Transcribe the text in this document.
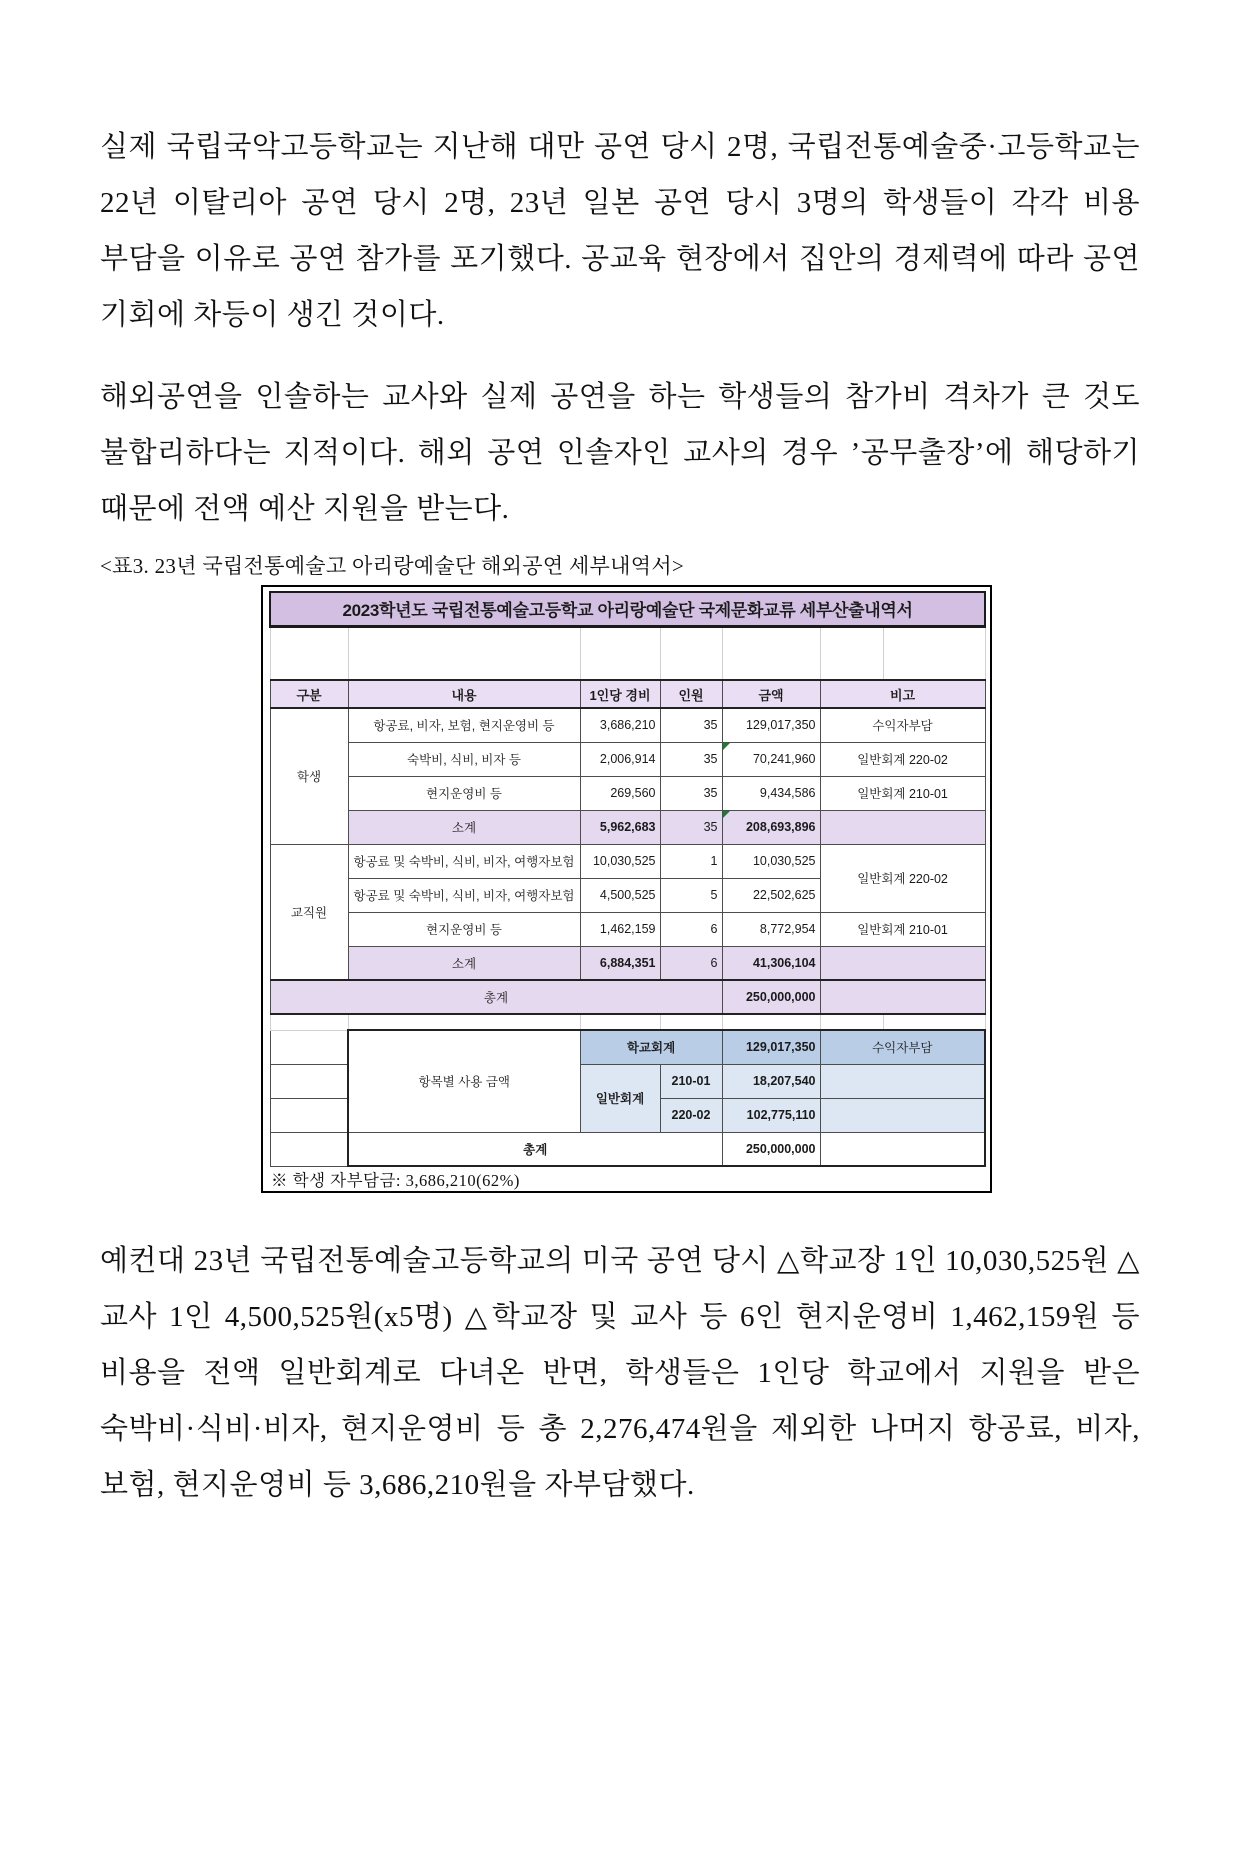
실제 국립국악고등학교는 지난해 대만 공연 당시 2명, 국립전통예술중·고등학교는 22년 이탈리아 공연 당시 2명, 23년 일본 공연 당시 3명의 학생들이 각각 비용 부담을 이유로 공연 참가를 포기했다. 공교육 현장에서 집안의 경제력에 따라 공연 기회에 차등이 생긴 것이다.

해외공연을 인솔하는 교사와 실제 공연을 하는 학생들의 참가비 격차가 큰 것도 불합리하다는 지적이다. 해외 공연 인솔자인 교사의 경우 ’공무출장’에 해당하기 때문에 전액 예산 지원을 받는다.

<표3. 23년 국립전통예술고 아리랑예술단 해외공연 세부내역서>
2023학년도 국립전통예술고등학교 아리랑예술단 국제문화교류 세부산출내역서						

구분	내용	1인당 경비	인원	금액	비고	
학생	항공료, 비자, 보험, 현지운영비 등	3,686,210	35	129,017,350	수익자부담	
	숙박비, 식비, 비자 등	2,006,914	35	70,241,960	일반회계 220-02	
	현지운영비 등	269,560	35	9,434,586	일반회계 210-01	
	소계	5,962,683	35	208,693,896	

교직원	항공료 및 숙박비, 식비, 비자, 여행자보험	10,030,525	1	10,030,525	일반회계 220-02	
	항공료 및 숙박비, 식비, 비자, 여행자보험	4,500,525	5	22,502,625		
	현지운영비 등	1,462,159	6	8,772,954	일반회계 210-01	
	소계	6,884,351	6	41,306,104		
총계				250,000,000		

	항목별 사용 금액	학교회계		129,017,350	수익자부담	
		일반회계	210-01	18,207,540		
			220-02	102,775,110		
	총계			250,000,000		
※ 학생 자부담금: 3,686,210(62%)

예컨대 23년 국립전통예술고등학교의 미국 공연 당시 △학교장 1인 10,030,525원 △교사 1인 4,500,525원(x5명) △학교장 및 교사 등 6인 현지운영비 1,462,159원 등 비용을 전액 일반회계로 다녀온 반면, 학생들은 1인당 학교에서 지원을 받은 숙박비·식비·비자, 현지운영비 등 총 2,276,474원을 제외한 나머지 항공료, 비자, 보험, 현지운영비 등 3,686,210원을 자부담했다.
